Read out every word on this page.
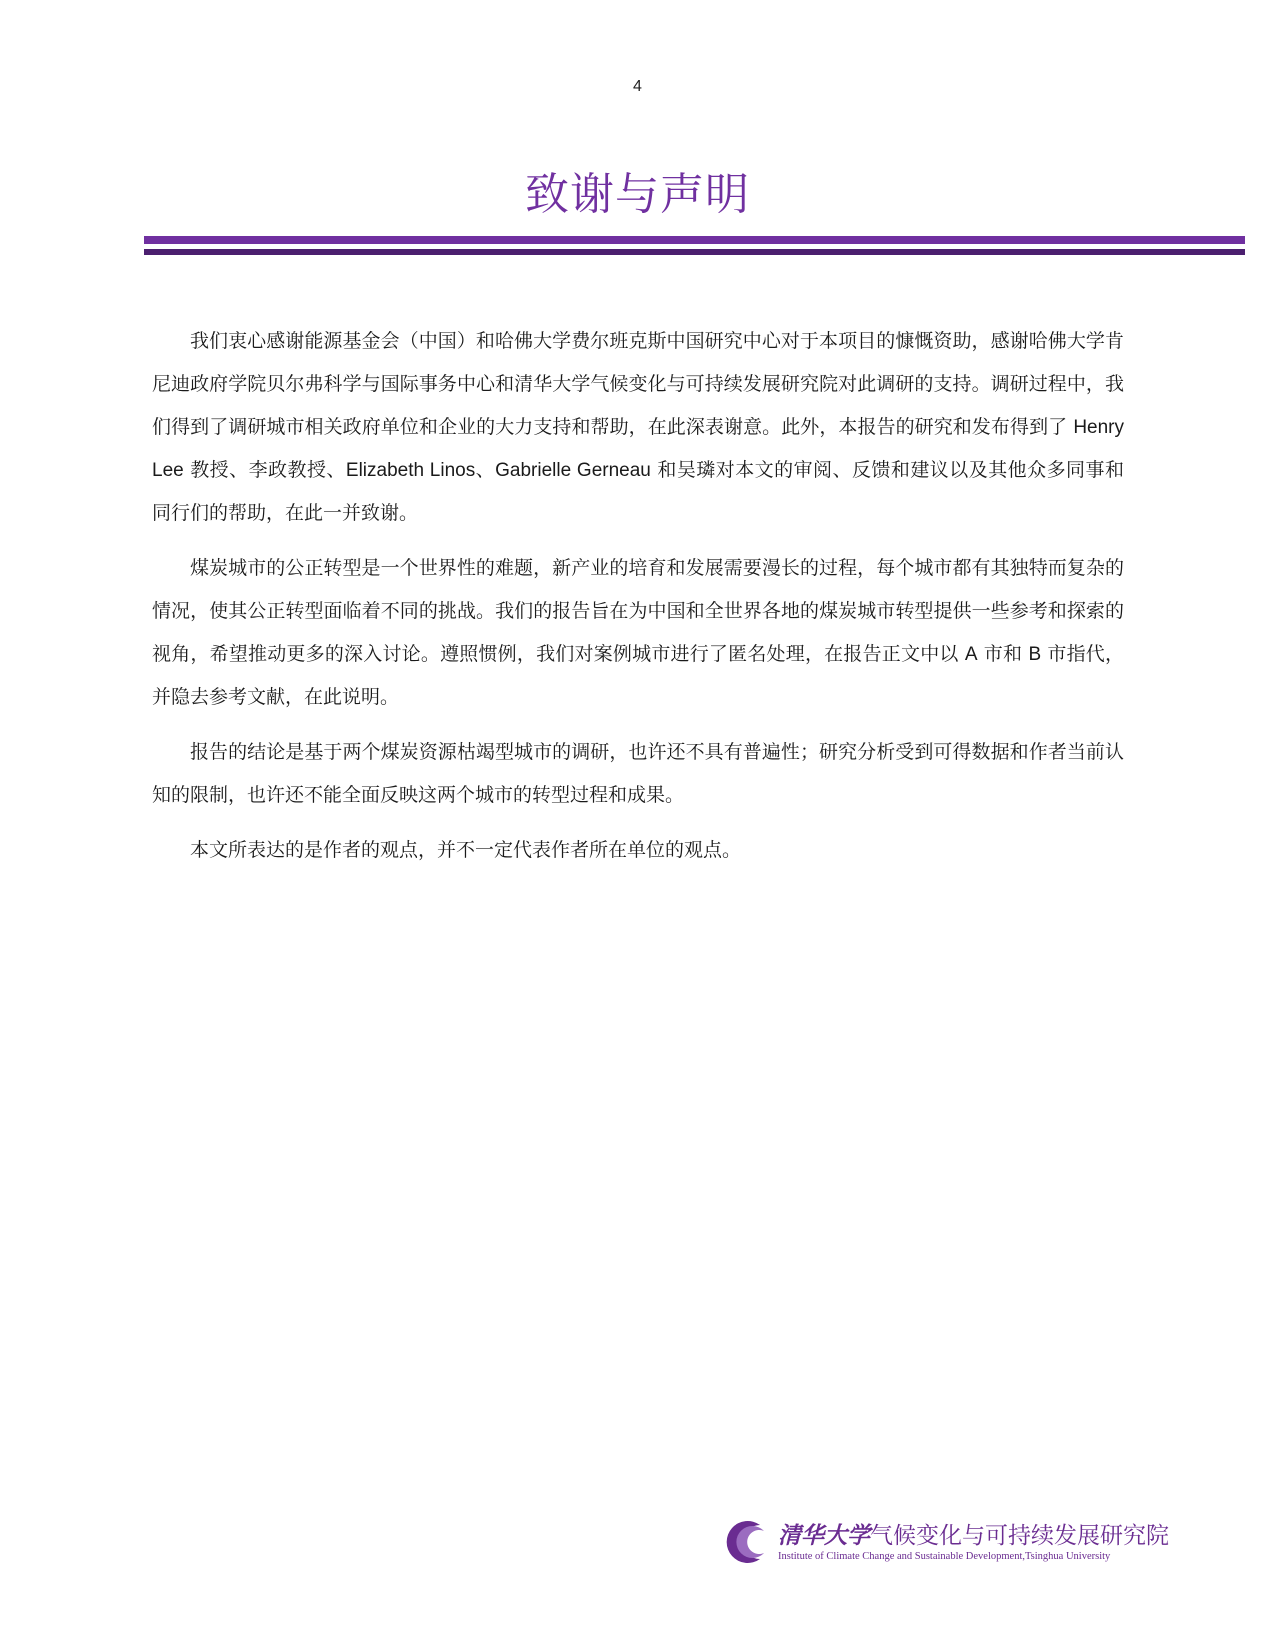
4
致谢与声明

我们衷心感谢能源基金会（中国）和哈佛大学费尔班克斯中国研究中心对于本项目的慷慨资助，感谢哈佛大学肯尼迪政府学院贝尔弗科学与国际事务中心和清华大学气候变化与可持续发展研究院对此调研的支持。调研过程中，我们得到了调研城市相关政府单位和企业的大力支持和帮助，在此深表谢意。此外，本报告的研究和发布得到了 Henry Lee 教授、李政教授、Elizabeth Linos、Gabrielle Gerneau 和吴璘对本文的审阅、反馈和建议以及其他众多同事和同行们的帮助，在此一并致谢。

煤炭城市的公正转型是一个世界性的难题，新产业的培育和发展需要漫长的过程，每个城市都有其独特而复杂的情况，使其公正转型面临着不同的挑战。我们的报告旨在为中国和全世界各地的煤炭城市转型提供一些参考和探索的视角，希望推动更多的深入讨论。遵照惯例，我们对案例城市进行了匿名处理，在报告正文中以 A 市和 B 市指代，并隐去参考文献，在此说明。

报告的结论是基于两个煤炭资源枯竭型城市的调研，也许还不具有普遍性；研究分析受到可得数据和作者当前认知的限制，也许还不能全面反映这两个城市的转型过程和成果。

本文所表达的是作者的观点，并不一定代表作者所在单位的观点。

清华大学气候变化与可持续发展研究院
Institute of Climate Change and Sustainable Development,Tsinghua University
